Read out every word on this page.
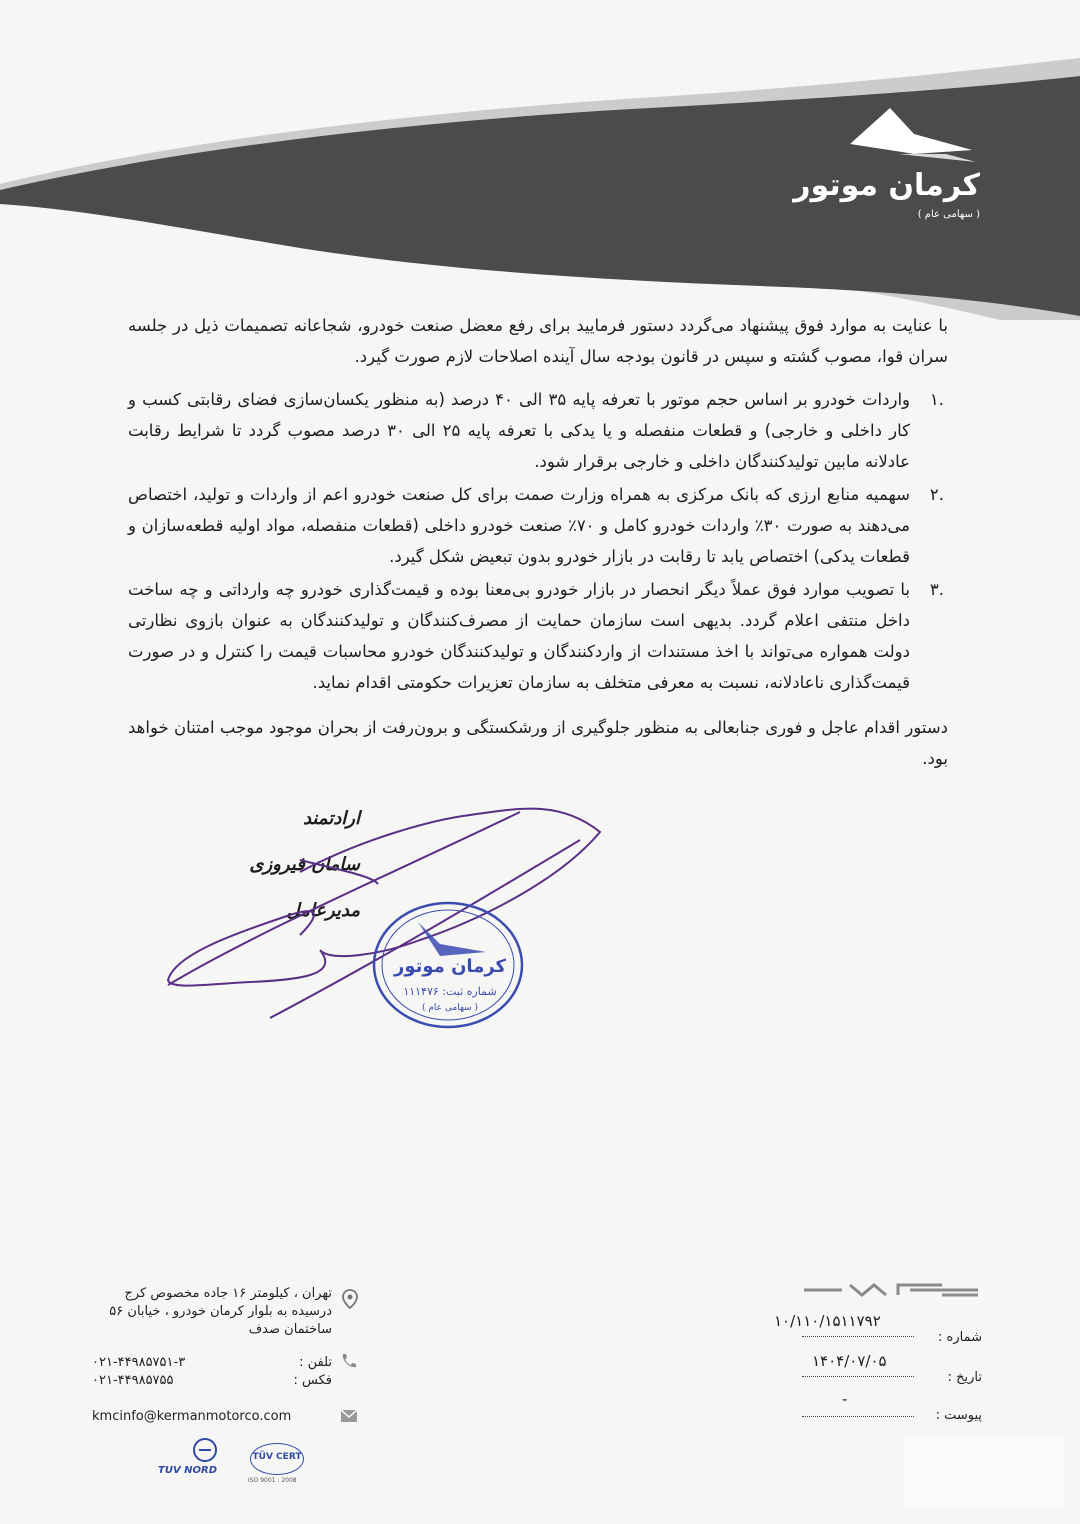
کرمان موتور
( سهامی عام )

با عنایت به موارد فوق پیشنهاد می‌گردد دستور فرمایید برای رفع معضل صنعت خودرو، شجاعانه تصمیمات ذیل در جلسه سران قوا، مصوب گشته و سپس در قانون بودجه سال آینده اصلاحات لازم صورت گیرد.

.۱
واردات خودرو بر اساس حجم موتور با تعرفه پایه ۳۵ الی ۴۰ درصد (به منظور یکسان‌سازی فضای رقابتی کسب و کار داخلی و خارجی) و قطعات منفصله و یا یدکی با تعرفه پایه ۲۵ الی ۳۰ درصد مصوب گردد تا شرایط رقابت عادلانه مابین تولیدکنندگان داخلی و خارجی برقرار شود.
.۲
سهمیه منابع ارزی که بانک مرکزی به همراه وزارت صمت برای کل صنعت خودرو اعم از واردات و تولید، اختصاص می‌دهند به صورت ۳۰٪ واردات خودرو کامل و ۷۰٪ صنعت خودرو داخلی (قطعات منفصله، مواد اولیه قطعه‌سازان و قطعات یدکی) اختصاص یابد تا رقابت در بازار خودرو بدون تبعیض شکل گیرد.
.۳
با تصویب موارد فوق عملاً دیگر انحصار در بازار خودرو بی‌معنا بوده و قیمت‌گذاری خودرو چه وارداتی و چه ساخت داخل منتفی اعلام گردد. بدیهی است سازمان حمایت از مصرف‌کنندگان و تولیدکنندگان به عنوان بازوی نظارتی دولت همواره می‌تواند با اخذ مستندات از واردکنندگان و تولیدکنندگان خودرو محاسبات قیمت را کنترل و در صورت قیمت‌گذاری ناعادلانه، نسبت به معرفی متخلف به سازمان تعزیرات حکومتی اقدام نماید.

دستور اقدام عاجل و فوری جنابعالی به منظور جلوگیری از ورشکستگی و برون‌رفت از بحران موجود موجب امتنان خواهد بود.

ارادتمند
سامان فیروزی
مدیرعامل
کرمان موتور
شماره ثبت: ۱۱۱۴۷۶
( سهامی عام )
تهران ، کیلومتر ۱۶ جاده مخصوص کرج
درسیده به بلوار کرمان خودرو ، خیابان ۵۶
ساختمان صدف
تلفن :
۰۲۱-۴۴۹۸۵۷۵۱-۳
فکس :
۰۲۱-۴۴۹۸۵۷۵۵
kmcinfo@kermanmotorco.com
TUV NORD
TÜV CERT
ISO 9001 : 2008
۱۰/۱۱۰/۱۵۱۱۷۹۲
شماره :
۱۴۰۴/۰۷/۰۵
تاریخ :
-
پیوست :
